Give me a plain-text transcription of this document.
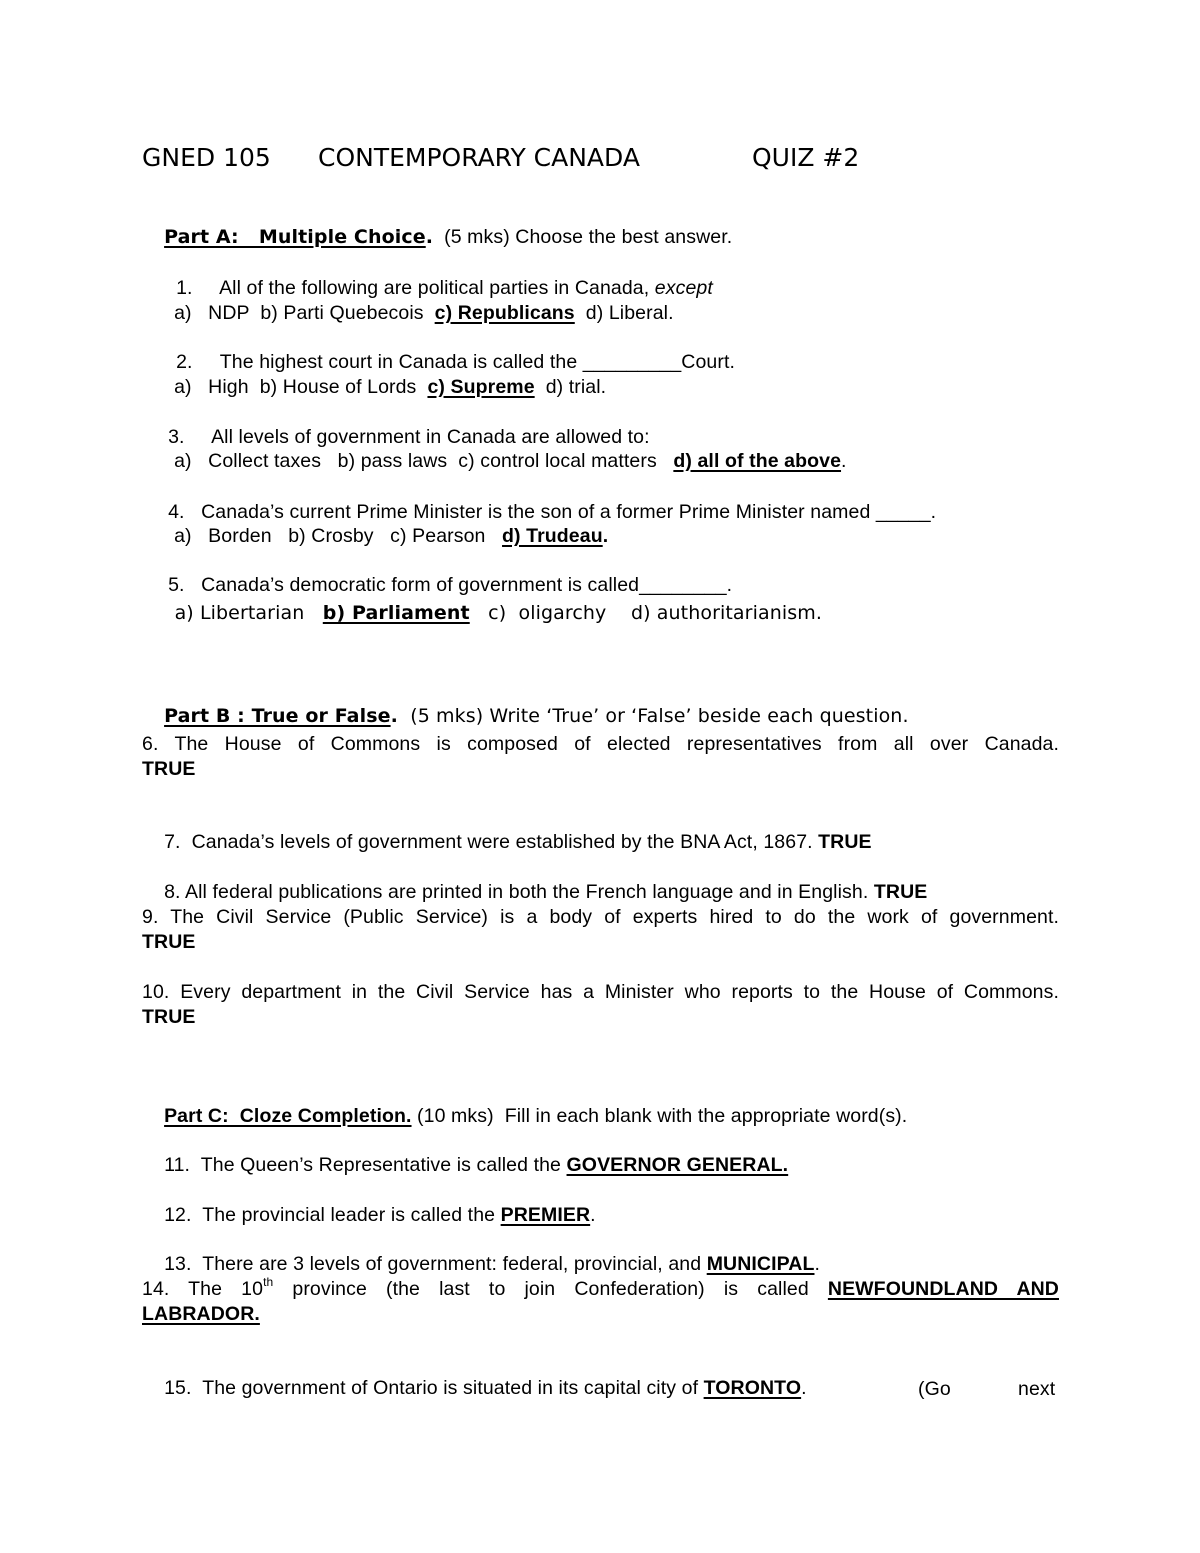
GNED 105 CONTEMPORARY CANADA	QUIZ #2

Part A:   Multiple Choice.  (5 mks) Choose the best answer.

1. All of the following are political parties in Canada, except

a)   NDP  b) Parti Quebecois  c) Republicans  d) Liberal.

2. The highest court in Canada is called the _________Court.

a)   High  b) House of Lords  c) Supreme  d) trial.

3. All levels of government in Canada are allowed to:

a)   Collect taxes   b) pass laws  c) control local matters   d) all of the above.

4. Canada’s current Prime Minister is the son of a former Prime Minister named _____.

a)   Borden   b) Crosby   c) Pearson   d) Trudeau.

5. Canada’s democratic form of government is called________.

a) Libertarian   b) Parliament   c)  oligarchy    d) authoritarianism.

Part B : True or False.  (5 mks) Write ‘True’ or ‘False’ beside each question.

6. The House of Commons is composed of elected representatives from all over Canada.
TRUE

7. Canada’s levels of government were established by the BNA Act, 1867. TRUE

8. All federal publications are printed in both the French language and in English. TRUE

9. The Civil Service (Public Service) is a body of experts hired to do the work of government.
TRUE
10. Every department in the Civil Service has a Minister who reports to the House of Commons.
TRUE

Part C:  Cloze Completion. (10 mks)  Fill in each blank with the appropriate word(s).

11. The Queen’s Representative is called the GOVERNOR GENERAL.

12. The provincial leader is called the PREMIER.

13. There are 3 levels of government: federal, provincial, and MUNICIPAL.

14. The 10th province (the last to join Confederation) is called NEWFOUNDLAND AND
LABRADOR.

15. The government of Ontario is situated in its capital city of TORONTO.
	(Go	next
